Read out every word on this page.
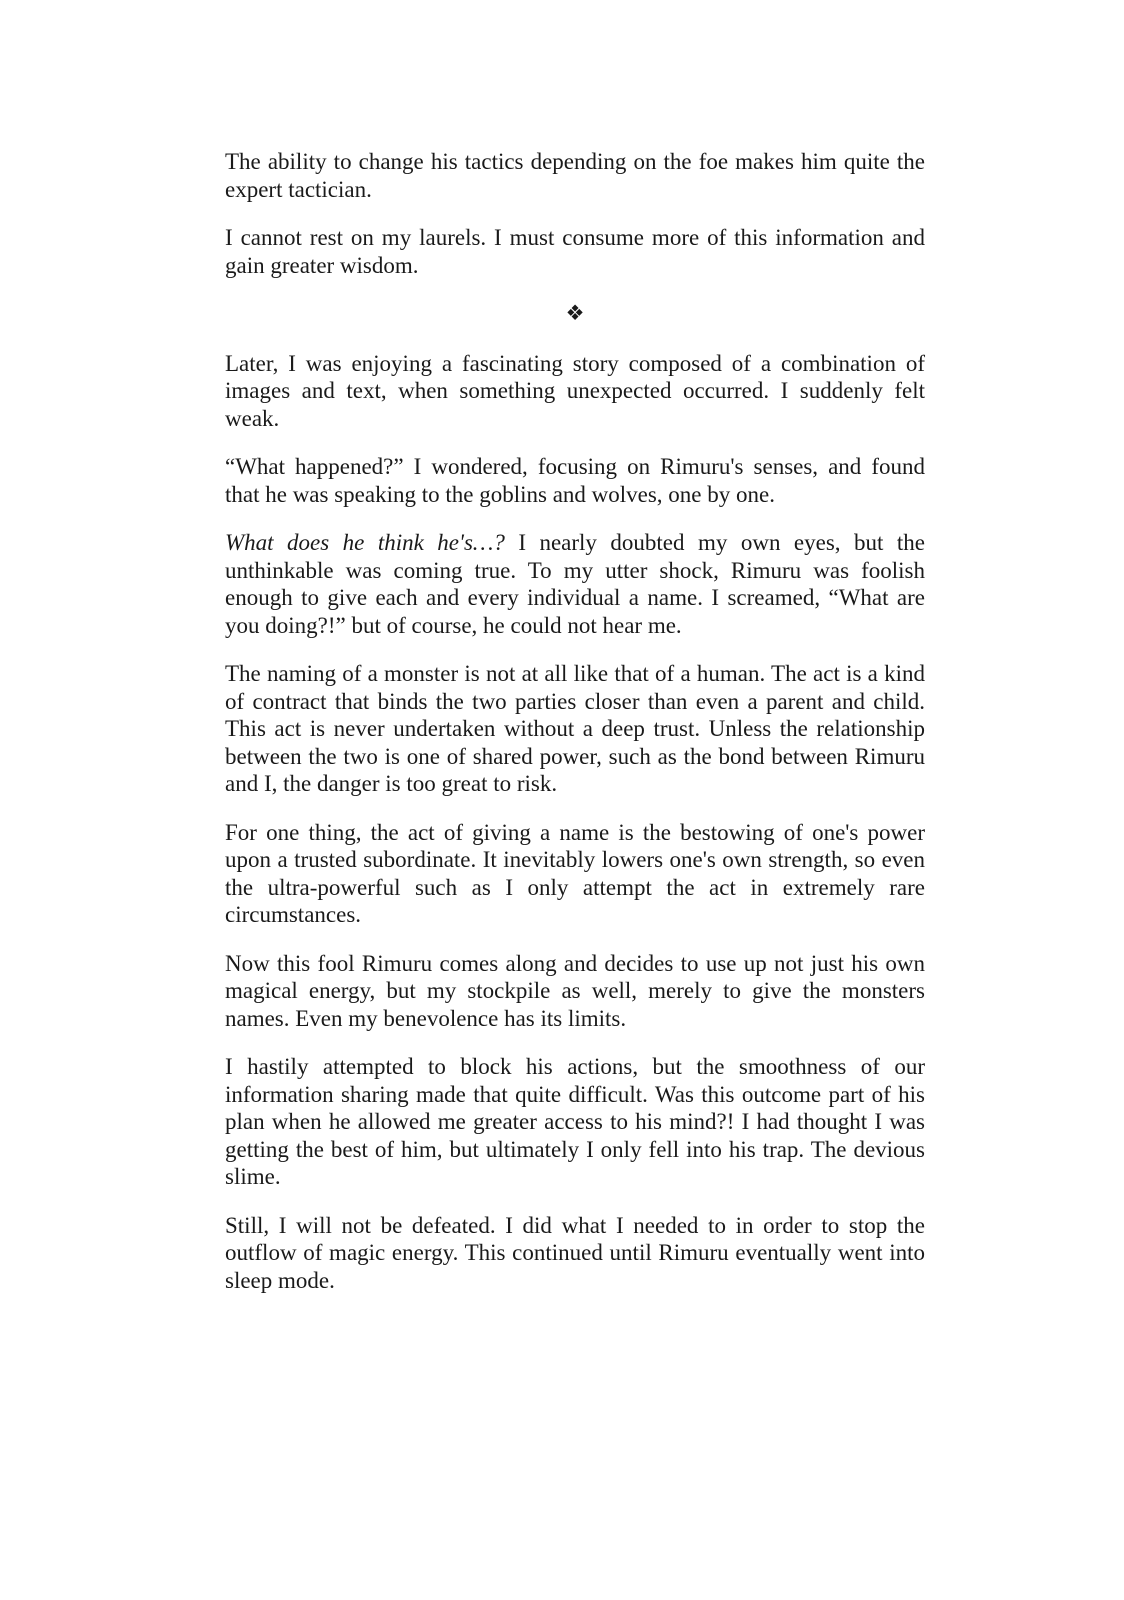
The ability to change his tactics depending on the foe makes him quite the expert tactician.

I cannot rest on my laurels. I must consume more of this information and gain greater wisdom.

❖

Later, I was enjoying a fascinating story composed of a combination of images and text, when something unexpected occurred. I suddenly felt weak.

“What happened?” I wondered, focusing on Rimuru's senses, and found that he was speaking to the goblins and wolves, one by one.

What does he think he's…? I nearly doubted my own eyes, but the unthinkable was coming true. To my utter shock, Rimuru was foolish enough to give each and every individual a name. I screamed, “What are you doing?!” but of course, he could not hear me.

The naming of a monster is not at all like that of a human. The act is a kind of contract that binds the two parties closer than even a parent and child. This act is never undertaken without a deep trust. Unless the relationship between the two is one of shared power, such as the bond between Rimuru and I, the danger is too great to risk.

For one thing, the act of giving a name is the bestowing of one's power upon a trusted subordinate. It inevitably lowers one's own strength, so even the ultra-powerful such as I only attempt the act in extremely rare circumstances.

Now this fool Rimuru comes along and decides to use up not just his own magical energy, but my stockpile as well, merely to give the monsters names. Even my benevolence has its limits.

I hastily attempted to block his actions, but the smoothness of our information sharing made that quite difficult. Was this outcome part of his plan when he allowed me greater access to his mind?! I had thought I was getting the best of him, but ultimately I only fell into his trap. The devious slime.

Still, I will not be defeated. I did what I needed to in order to stop the outflow of magic energy. This continued until Rimuru eventually went into sleep mode.
